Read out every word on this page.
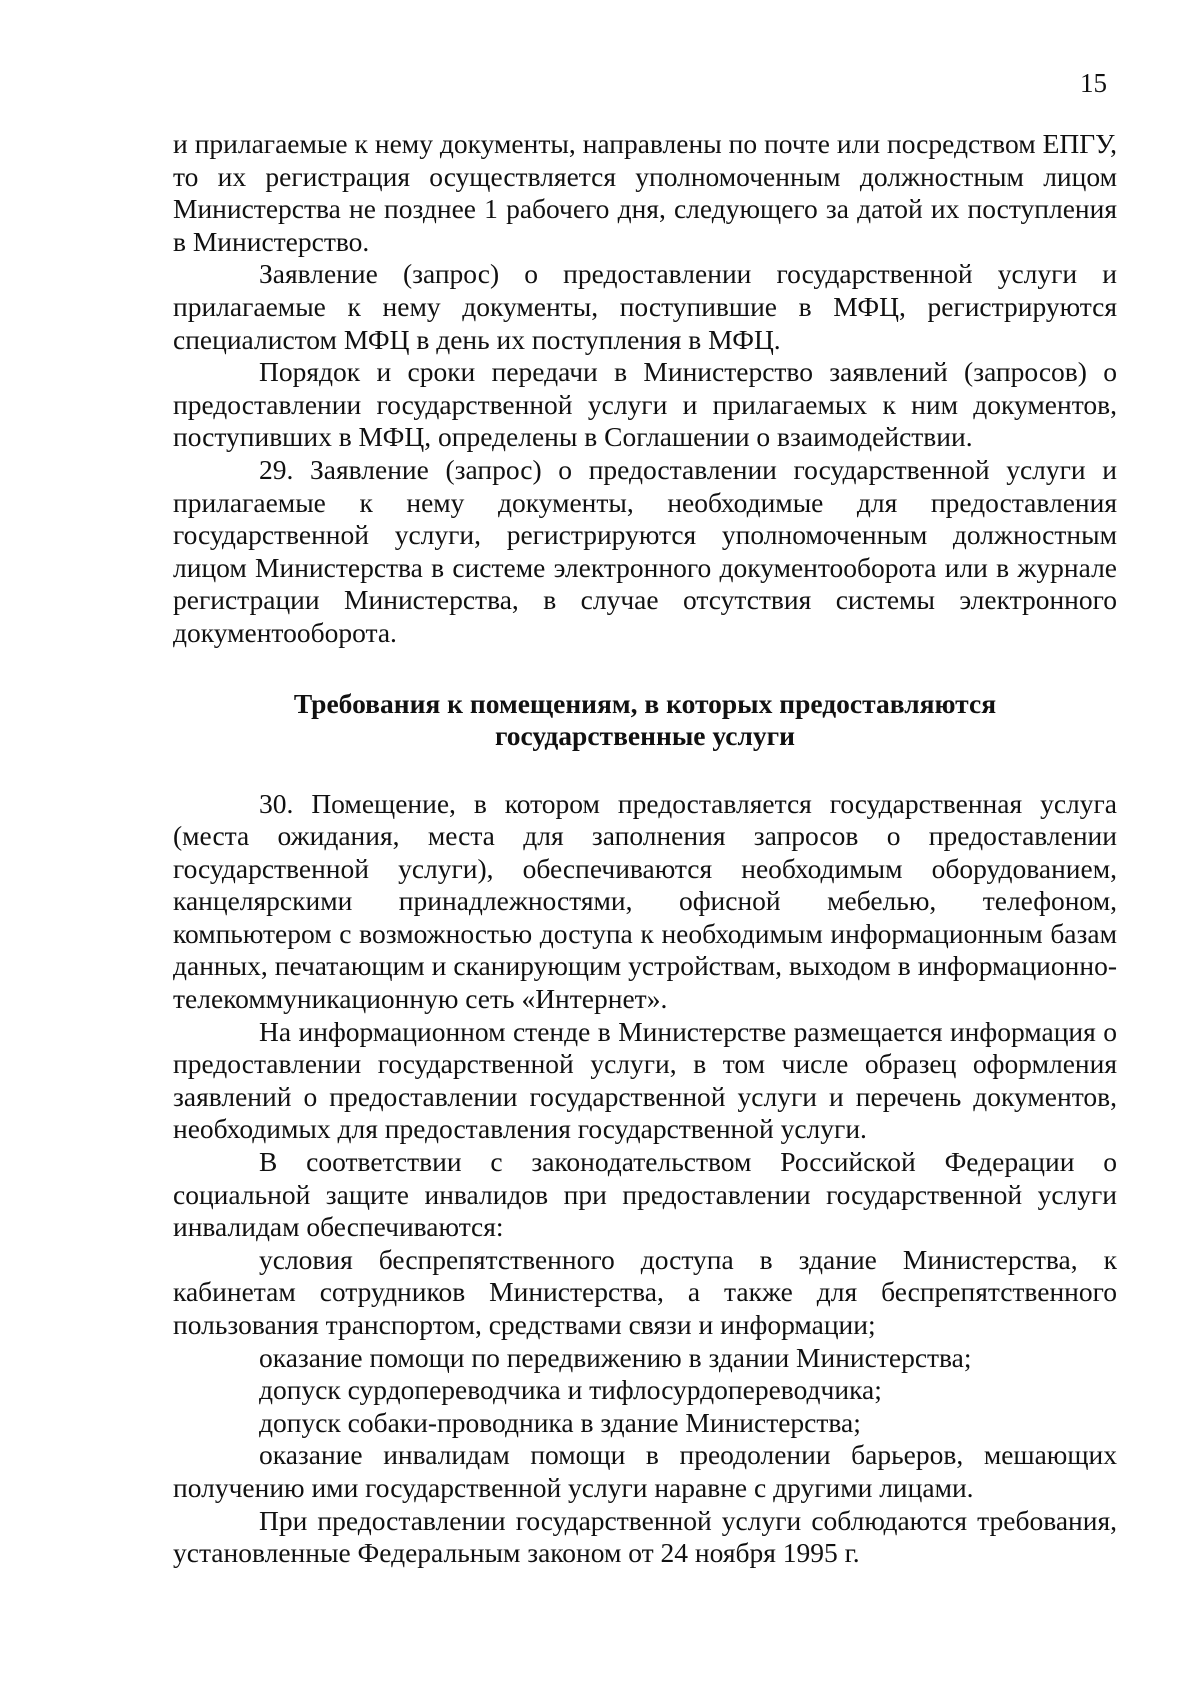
15

и прилагаемые к нему документы, направлены по почте или посредством ЕПГУ, то их регистрация осуществляется уполномоченным должностным лицом Министерства не позднее 1 рабочего дня, следующего за датой их поступления в Министерство.

Заявление (запрос) о предоставлении государственной услуги и прилагаемые к нему документы, поступившие в МФЦ, регистрируются специалистом МФЦ в день их поступления в МФЦ.

Порядок и сроки передачи в Министерство заявлений (запросов) о предоставлении государственной услуги и прилагаемых к ним документов, поступивших в МФЦ, определены в Соглашении о взаимодействии.

29. Заявление (запрос) о предоставлении государственной услуги и прилагаемые к нему документы, необходимые для предоставления государственной услуги, регистрируются уполномоченным должностным лицом Министерства в системе электронного документооборота или в журнале регистрации Министерства, в случае отсутствия системы электронного документооборота.

Требования к помещениям, в которых предоставляются
государственные услуги

30. Помещение, в котором предоставляется государственная услуга (места ожидания, места для заполнения запросов о предоставлении государственной услуги), обеспечиваются необходимым оборудованием, канцелярскими принадлежностями, офисной мебелью, телефоном, компьютером с возможностью доступа к необходимым информационным базам данных, печатающим и сканирующим устройствам, выходом в информационно-телекоммуникационную сеть «Интернет».

На информационном стенде в Министерстве размещается информация о предоставлении государственной услуги, в том числе образец оформления заявлений о предоставлении государственной услуги и перечень документов, необходимых для предоставления государственной услуги.

В соответствии с законодательством Российской Федерации о социальной защите инвалидов при предоставлении государственной услуги инвалидам обеспечиваются:

условия беспрепятственного доступа в здание Министерства, к кабинетам сотрудников Министерства, а также для беспрепятственного пользования транспортом, средствами связи и информации;

оказание помощи по передвижению в здании Министерства;

допуск сурдопереводчика и тифлосурдопереводчика;

допуск собаки-проводника в здание Министерства;

оказание инвалидам помощи в преодолении барьеров, мешающих получению ими государственной услуги наравне с другими лицами.

При предоставлении государственной услуги соблюдаются требования, установленные Федеральным законом от 24 ноября 1995 г.
